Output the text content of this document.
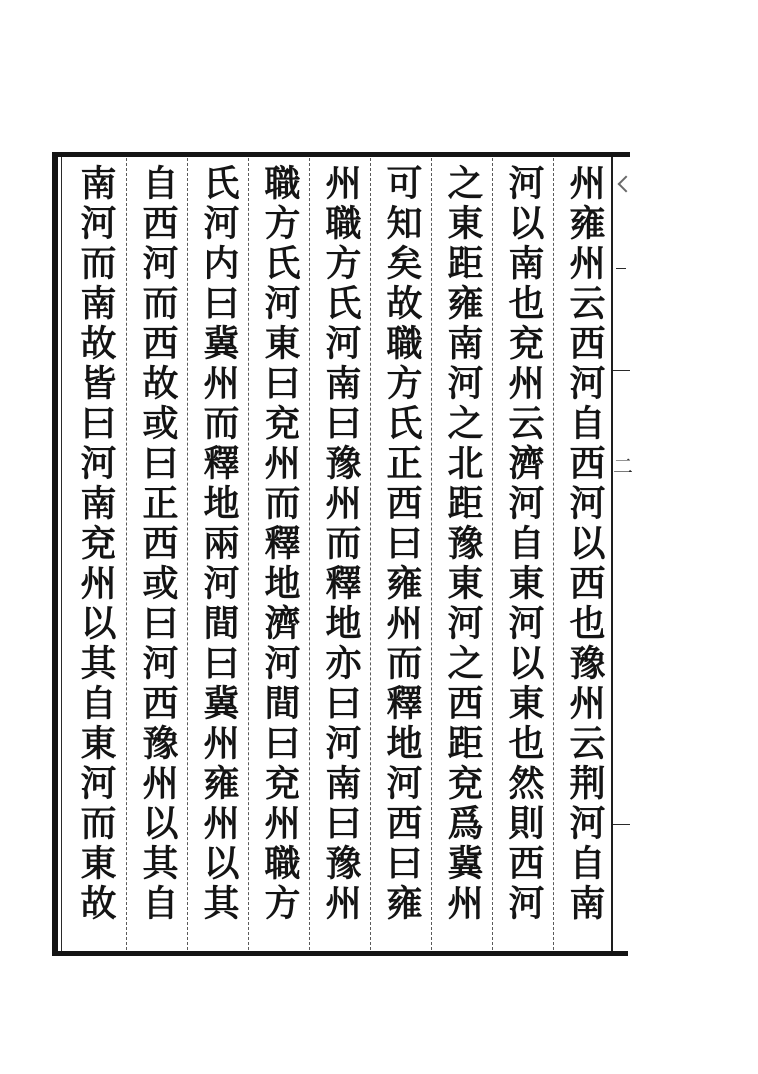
州雍州云西河自西河以西也豫州云荆河自南
河以南也兗州云濟河自東河以東也然則西河
之東距雍南河之北距豫東河之西距兗爲冀州
可知矣故職方氏正西曰雍州而釋地河西曰雍
州職方氏河南曰豫州而釋地亦曰河南曰豫州
職方氏河東曰兗州而釋地濟河間曰兗州職方
氏河内曰冀州而釋地兩河間曰冀州雍州以其
自西河而西故或曰正西或曰河西豫州以其自
南河而南故皆曰河南兗州以其自東河而東故	二
